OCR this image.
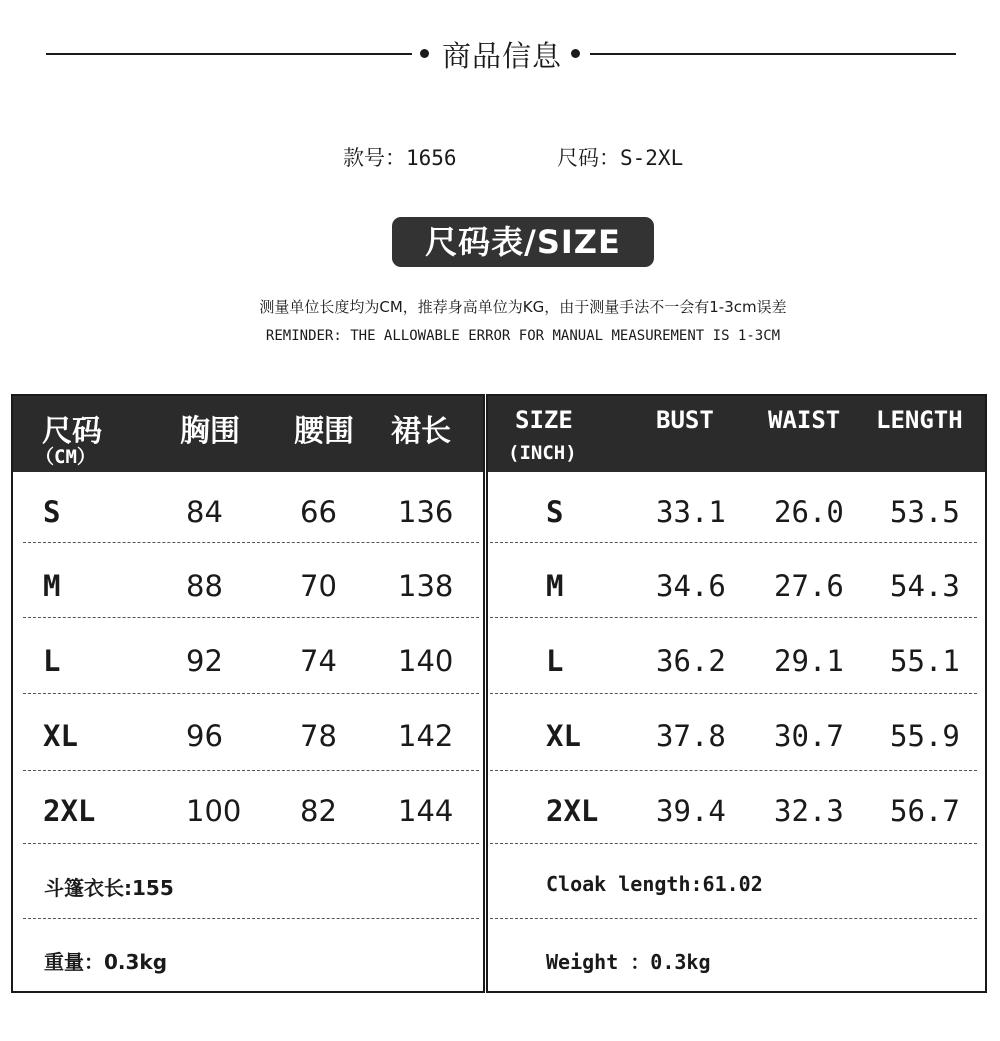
商品信息
款号：1656	尺码：S-2XL
尺码表/SIZE
测量单位长度均为CM，推荐身高单位为KG，由于测量手法不一会有1-3cm误差
REMINDER: THE ALLOWABLE ERROR FOR MANUAL MEASUREMENT IS 1-3CM
尺码
（CM）
胸围 腰围 裙长
S	84	66 136
M	88	70 138
L	92	74 140
XL	96	78 142
2XL	100 82 144
斗篷衣长:155
重量：0.3kg
SIZE
(INCH)
BUST WAIST LENGTH
S	33.1 26.0 53.5
M	34.6 27.6 54.3
L	36.2 29.1 55.1
XL	37.8 30.7 55.9
2XL 39.4 32.3 56.7
Cloak length:61.02
Weight ：0.3kg
